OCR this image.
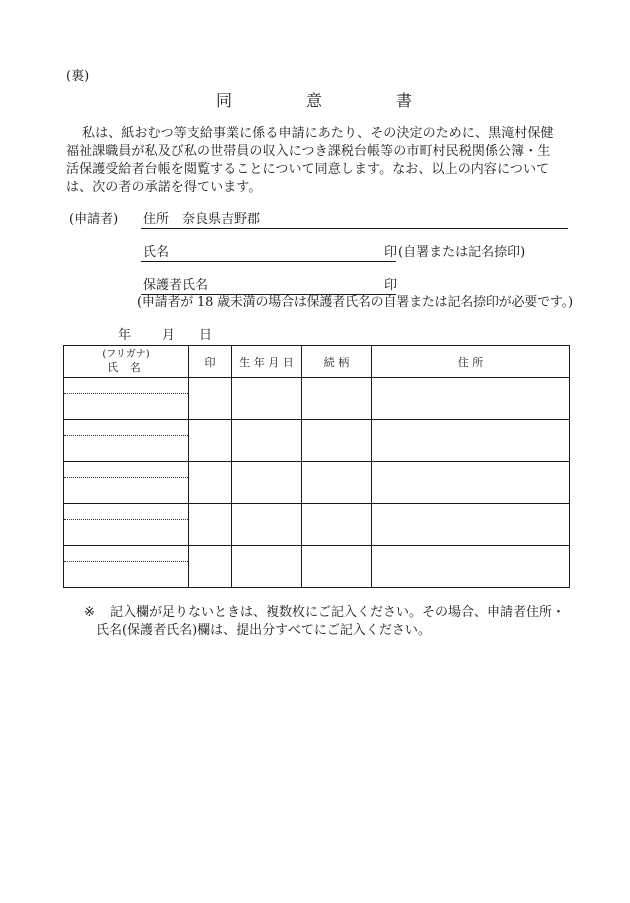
(裏)
同	意	書
私は、紙おむつ等支給事業に係る申請にあたり、その決定のために、黒滝村保健
福祉課職員が私及び私の世帯員の収入につき課税台帳等の市町村民税関係公簿・生
活保護受給者台帳を閲覧することについて同意します。なお、以上の内容について
は、次の者の承諾を得ています。
(申請者) 住所 奈良県吉野郡
氏名	印 (自署または記名捺印)
保護者氏名	印
(申請者が 18 歳未満の場合は保護者氏名の自署または記名捺印が必要です。)
年 月 日
(フリガナ)
氏 名	印	生 年 月 日	続 柄	住 所

※ 記入欄が足りないときは、複数枚にご記入ください。その場合、申請者住所・
氏名(保護者氏名)欄は、提出分すべてにご記入ください。
